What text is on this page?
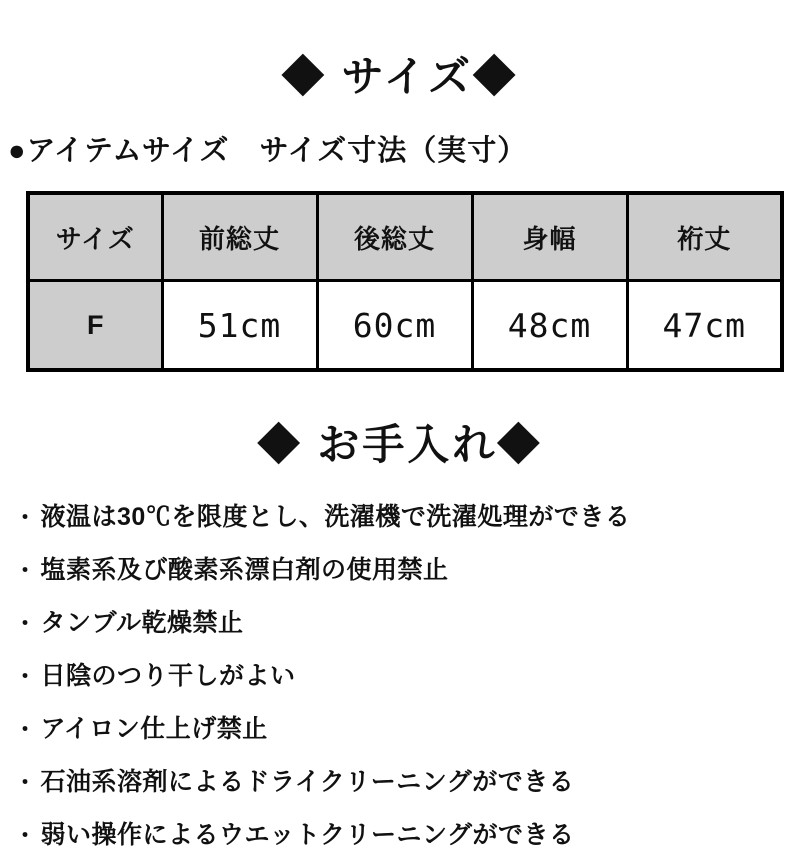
◆ サイズ◆
●アイテムサイズ　サイズ寸法（実寸）
サイズ	前総丈	後総丈	身幅	裄丈
F	51cm	60cm	48cm	47cm
◆ お手入れ◆
・ 液温は30℃を限度とし、洗濯機で洗濯処理ができる
・ 塩素系及び酸素系漂白剤の使用禁止
・ タンブル乾燥禁止
・ 日陰のつり干しがよい
・ アイロン仕上げ禁止
・ 石油系溶剤によるドライクリーニングができる
・ 弱い操作によるウエットクリーニングができる
